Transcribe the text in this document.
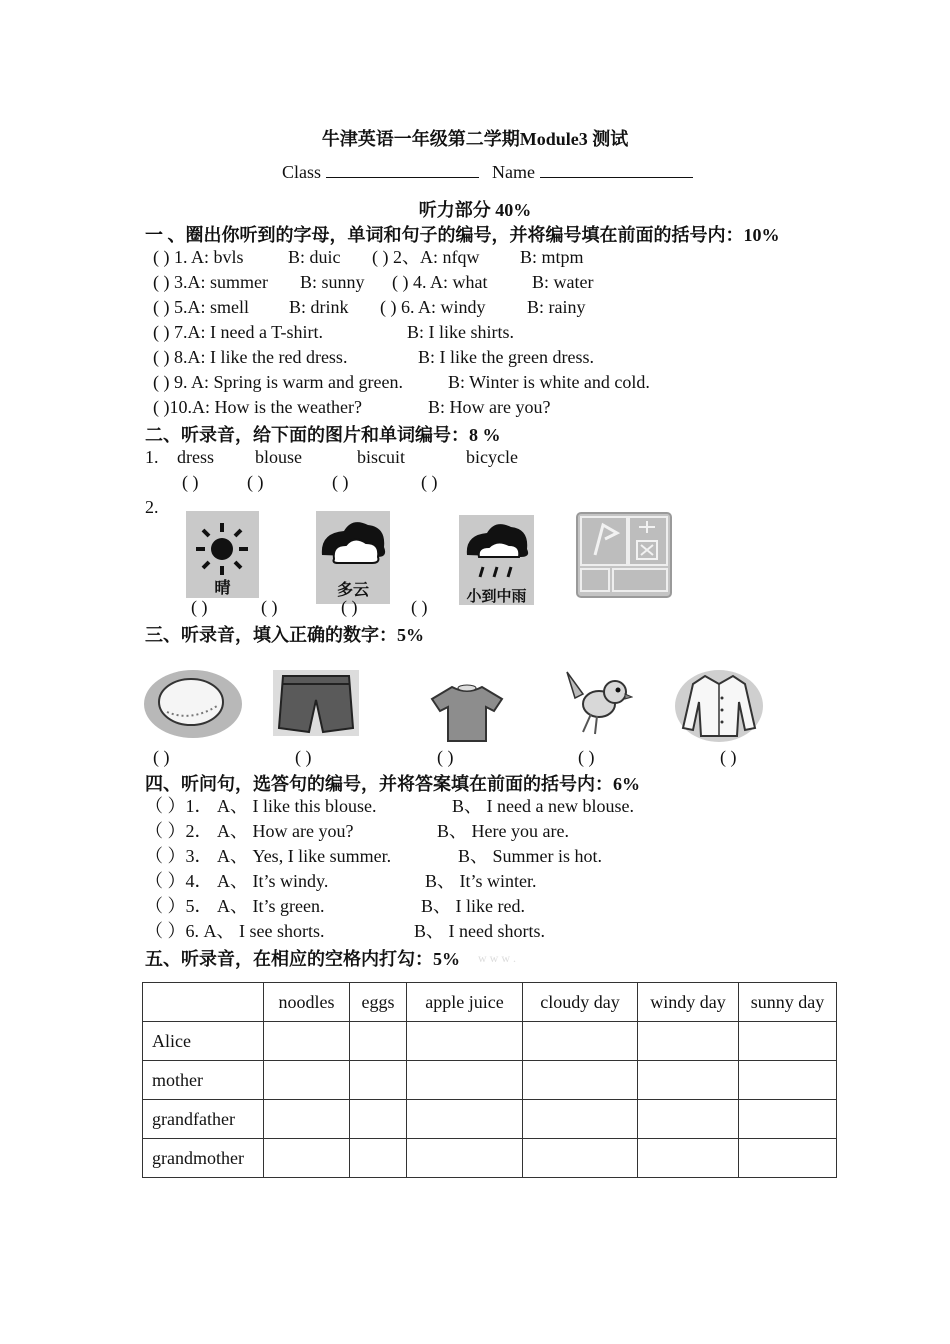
牛津英语一年级第二学期Module3 测试
Class	Name
听力部分 40%
一 、圈出你听到的字母，单词和句子的编号，并将编号填在前面的括号内：10%
( ) 1. A: bvls B: duic ( ) 2、A: nfqw B: mtpm
( ) 3.A: summer B: sunny ( ) 4. A: what B: water
( ) 5.A: smell B: drink ( ) 6. A: windy B: rainy
( ) 7.A: I need a T-shirt.	B: I like shirts.
( ) 8.A: I like the red dress.	B: I like the green dress.
( ) 9. A: Spring is warm and green.	B: Winter is white and cold.
( )10.A: How is the weather?	B: How are you?
二、听录音，给下面的图片和单词编号：8 %
1. dress blouse	biscuit	bicycle
( )	( )	( )	( )
2.
晴	多云	小到中雨
( )	( )	( )	( )
三、听录音，填入正确的数字：5%
( )	( )	( )	( )	( )
四、听问句，选答句的编号，并将答案填在前面的括号内：6%
（ ）1． A、 I like this blouse.	B、 I need a new blouse.
（ ）2． A、 How are you?	B、 Here you are.
（ ）3． A、 Yes, I like summer.	B、 Summer is hot.
（ ）4． A、 It’s windy.	B、 It’s winter.
（ ）5． A、 It’s green.	B、 I like red.
（ ）6. A、 I see shorts.	B、 I need shorts.
五、听录音，在相应的空格内打勾：5% w w w .
	noodles	eggs	apple juice	cloudy day	windy day	sunny day
Alice						
mother						
grandfather						
grandmother						
